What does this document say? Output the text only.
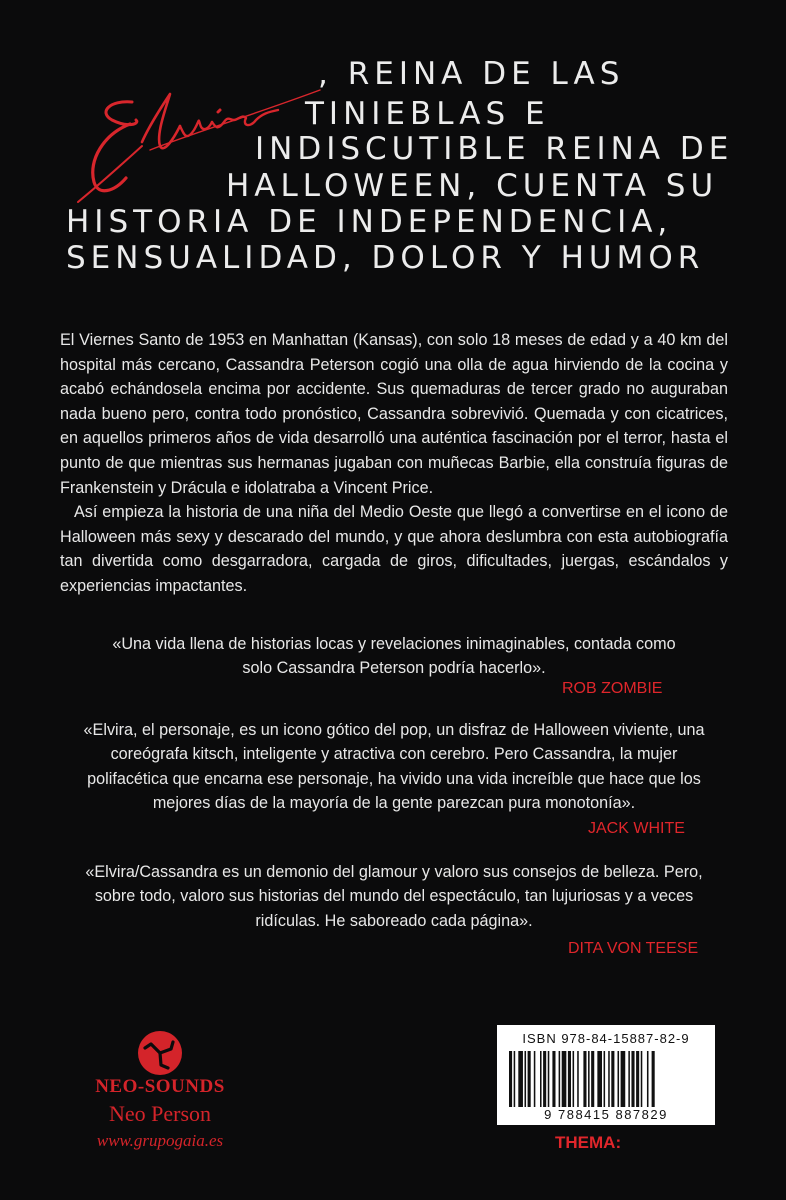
Elvira	, REINA DE LAS
TINIEBLAS E
INDISCUTIBLE REINA DE
HALLOWEEN, CUENTA SU
HISTORIA DE INDEPENDENCIA,
SENSUALIDAD, DOLOR Y HUMOR

El Viernes Santo de 1953 en Manhattan (Kansas), con solo 18 meses de edad y a 40 km del hospital más cercano, Cassandra Peterson cogió una olla de agua hirviendo de la cocina y acabó echándosela encima por accidente. Sus quemaduras de tercer grado no auguraban nada bueno pero, contra todo pronóstico, Cassandra sobrevivió. Quemada y con cicatrices, en aquellos primeros años de vida desarrolló una auténtica fascinación por el terror, hasta el punto de que mientras sus hermanas jugaban con muñecas Barbie, ella construía figuras de Frankenstein y Drácula e idolatraba a Vincent Price.

Así empieza la historia de una niña del Medio Oeste que llegó a convertirse en el icono de Halloween más sexy y descarado del mundo, y que ahora deslumbra con esta autobiografía tan divertida como desgarradora, cargada de giros, dificultades, juergas, escándalos y experiencias impactantes.

«Una vida llena de historias locas y revelaciones inimaginables, contada como solo Cassandra Peterson podría hacerlo».
ROB ZOMBIE
«Elvira, el personaje, es un icono gótico del pop, un disfraz de Halloween viviente, una coreógrafa kitsch, inteligente y atractiva con cerebro. Pero Cassandra, la mujer polifacética que encarna ese personaje, ha vivido una vida increíble que hace que los mejores días de la mayoría de la gente parezcan pura monotonía».
JACK WHITE
«Elvira/Cassandra es un demonio del glamour y valoro sus consejos de belleza. Pero, sobre todo, valoro sus historias del mundo del espectáculo, tan lujuriosas y a veces ridículas. He saboreado cada página».
DITA VON TEESE
NEO-SOUNDS
Neo Person
www.grupogaia.es
ISBN 978-84-15887-82-9
9 788415 887829
THEMA:
